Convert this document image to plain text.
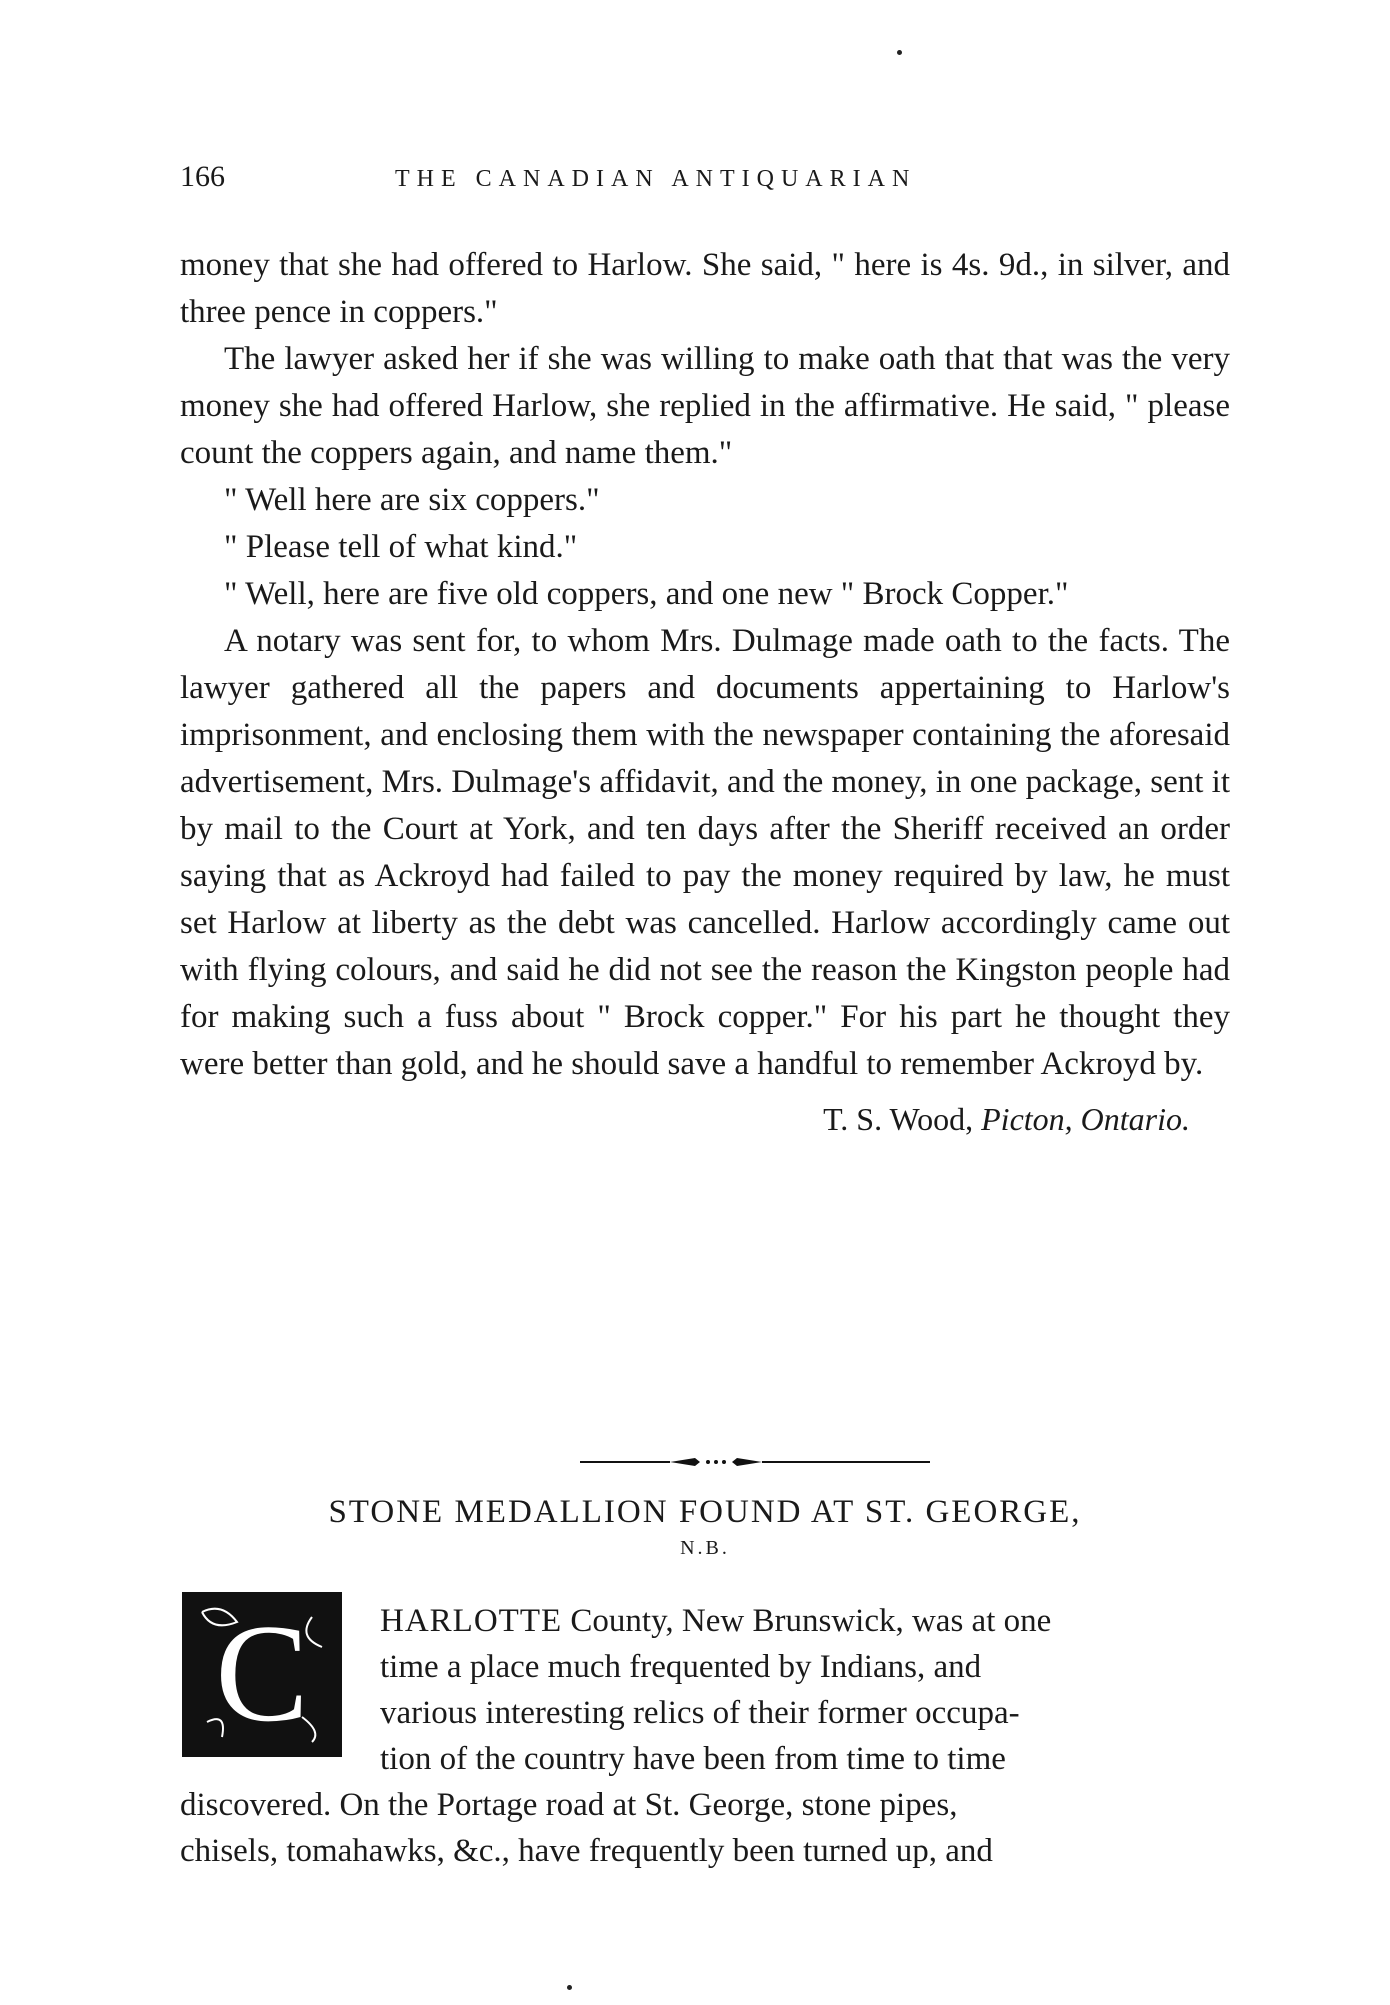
166	THE CANADIAN ANTIQUARIAN

money that she had offered to Harlow. She said, " here is 4s. 9d., in silver, and three pence in coppers."

The lawyer asked her if she was willing to make oath that that was the very money she had offered Harlow, she replied in the affirmative. He said, " please count the coppers again, and name them."

" Well here are six coppers."

" Please tell of what kind."

" Well, here are five old coppers, and one new " Brock Copper."

A notary was sent for, to whom Mrs. Dulmage made oath to the facts. The lawyer gathered all the papers and documents appertaining to Harlow's imprisonment, and enclosing them with the newspaper containing the aforesaid advertisement, Mrs. Dulmage's affidavit, and the money, in one package, sent it by mail to the Court at York, and ten days after the Sheriff received an order saying that as Ackroyd had failed to pay the money required by law, he must set Harlow at liberty as the debt was cancelled. Harlow accordingly came out with flying colours, and said he did not see the reason the Kingston people had for making such a fuss about " Brock copper." For his part he thought they were better than gold, and he should save a handful to remember Ackroyd by.

T. S. Wood, Picton, Ontario.
STONE MEDALLION FOUND AT ST. GEORGE,
N.B.
C	HARLOTTE County, New Brunswick, was at one
time a place much frequented by Indians, and
various interesting relics of their former occupa-
tion of the country have been from time to time
discovered. On the Portage road at St. George, stone pipes,
chisels, tomahawks, &c., have frequently been turned up, and
